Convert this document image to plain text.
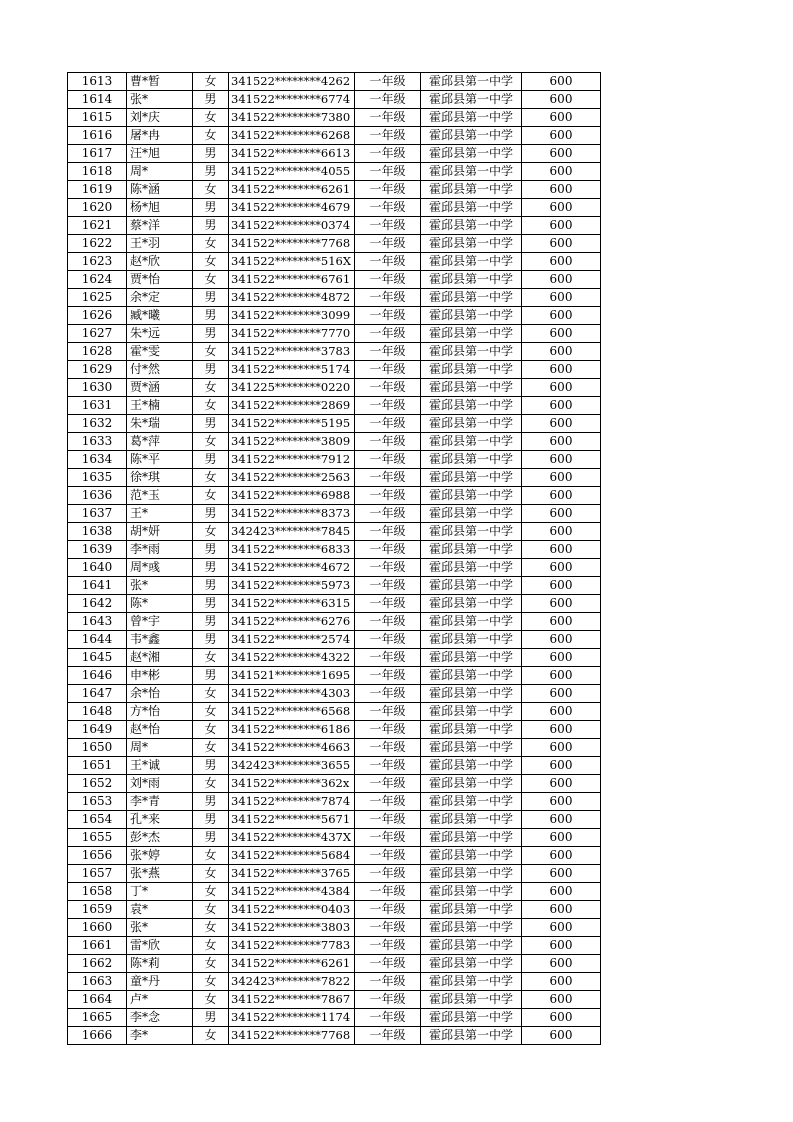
1613	曹*暂	女	341522********4262	一年级	霍邱县第一中学	600
1614	张*	男	341522********6774	一年级	霍邱县第一中学	600
1615	刘*庆	女	341522********7380	一年级	霍邱县第一中学	600
1616	屠*冉	女	341522********6268	一年级	霍邱县第一中学	600
1617	汪*旭	男	341522********6613	一年级	霍邱县第一中学	600
1618	周*	男	341522********4055	一年级	霍邱县第一中学	600
1619	陈*涵	女	341522********6261	一年级	霍邱县第一中学	600
1620	杨*旭	男	341522********4679	一年级	霍邱县第一中学	600
1621	蔡*洋	男	341522********0374	一年级	霍邱县第一中学	600
1622	王*羽	女	341522********7768	一年级	霍邱县第一中学	600
1623	赵*欣	女	341522********516X	一年级	霍邱县第一中学	600
1624	贾*怡	女	341522********6761	一年级	霍邱县第一中学	600
1625	余*定	男	341522********4872	一年级	霍邱县第一中学	600
1626	臧*曦	男	341522********3099	一年级	霍邱县第一中学	600
1627	朱*远	男	341522********7770	一年级	霍邱县第一中学	600
1628	霍*雯	女	341522********3783	一年级	霍邱县第一中学	600
1629	付*然	男	341522********5174	一年级	霍邱县第一中学	600
1630	贾*涵	女	341225********0220	一年级	霍邱县第一中学	600
1631	王*楠	女	341522********2869	一年级	霍邱县第一中学	600
1632	朱*瑞	男	341522********5195	一年级	霍邱县第一中学	600
1633	葛*萍	女	341522********3809	一年级	霍邱县第一中学	600
1634	陈*平	男	341522********7912	一年级	霍邱县第一中学	600
1635	徐*琪	女	341522********2563	一年级	霍邱县第一中学	600
1636	范*玉	女	341522********6988	一年级	霍邱县第一中学	600
1637	王*	男	341522********8373	一年级	霍邱县第一中学	600
1638	胡*妍	女	342423********7845	一年级	霍邱县第一中学	600
1639	李*雨	男	341522********6833	一年级	霍邱县第一中学	600
1640	周*彧	男	341522********4672	一年级	霍邱县第一中学	600
1641	张*	男	341522********5973	一年级	霍邱县第一中学	600
1642	陈*	男	341522********6315	一年级	霍邱县第一中学	600
1643	曾*宇	男	341522********6276	一年级	霍邱县第一中学	600
1644	韦*鑫	男	341522********2574	一年级	霍邱县第一中学	600
1645	赵*湘	女	341522********4322	一年级	霍邱县第一中学	600
1646	申*彬	男	341521********1695	一年级	霍邱县第一中学	600
1647	余*怡	女	341522********4303	一年级	霍邱县第一中学	600
1648	方*怡	女	341522********6568	一年级	霍邱县第一中学	600
1649	赵*怡	女	341522********6186	一年级	霍邱县第一中学	600
1650	周*	女	341522********4663	一年级	霍邱县第一中学	600
1651	王*诚	男	342423********3655	一年级	霍邱县第一中学	600
1652	刘*雨	女	341522********362x	一年级	霍邱县第一中学	600
1653	李*青	男	341522********7874	一年级	霍邱县第一中学	600
1654	孔*来	男	341522********5671	一年级	霍邱县第一中学	600
1655	彭*杰	男	341522********437X	一年级	霍邱县第一中学	600
1656	张*婷	女	341522********5684	一年级	霍邱县第一中学	600
1657	张*燕	女	341522********3765	一年级	霍邱县第一中学	600
1658	丁*	女	341522********4384	一年级	霍邱县第一中学	600
1659	袁*	女	341522********0403	一年级	霍邱县第一中学	600
1660	张*	女	341522********3803	一年级	霍邱县第一中学	600
1661	雷*欣	女	341522********7783	一年级	霍邱县第一中学	600
1662	陈*莉	女	341522********6261	一年级	霍邱县第一中学	600
1663	童*丹	女	342423********7822	一年级	霍邱县第一中学	600
1664	卢*	女	341522********7867	一年级	霍邱县第一中学	600
1665	李*念	男	341522********1174	一年级	霍邱县第一中学	600
1666	李*	女	341522********7768	一年级	霍邱县第一中学	600
